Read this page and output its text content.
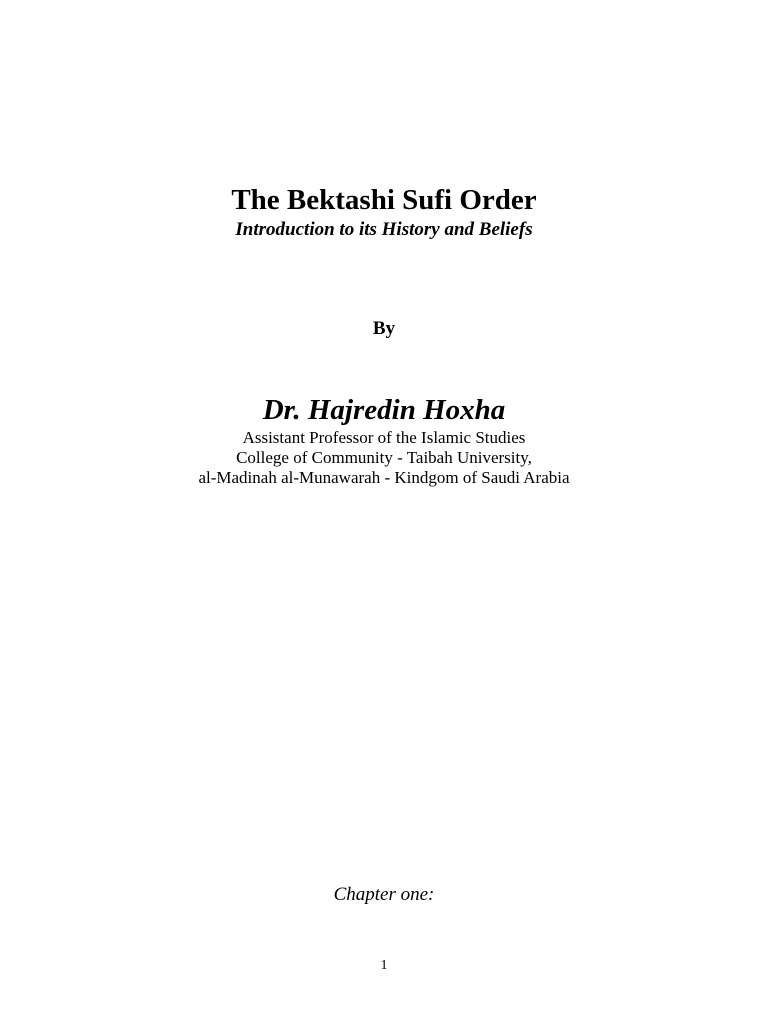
The Bektashi Sufi Order
Introduction to its History and Beliefs
By
Dr. Hajredin Hoxha
Assistant Professor of the Islamic Studies
College of Community - Taibah University,
al-Madinah al-Munawarah - Kindgom of Saudi Arabia
Chapter one:
1
